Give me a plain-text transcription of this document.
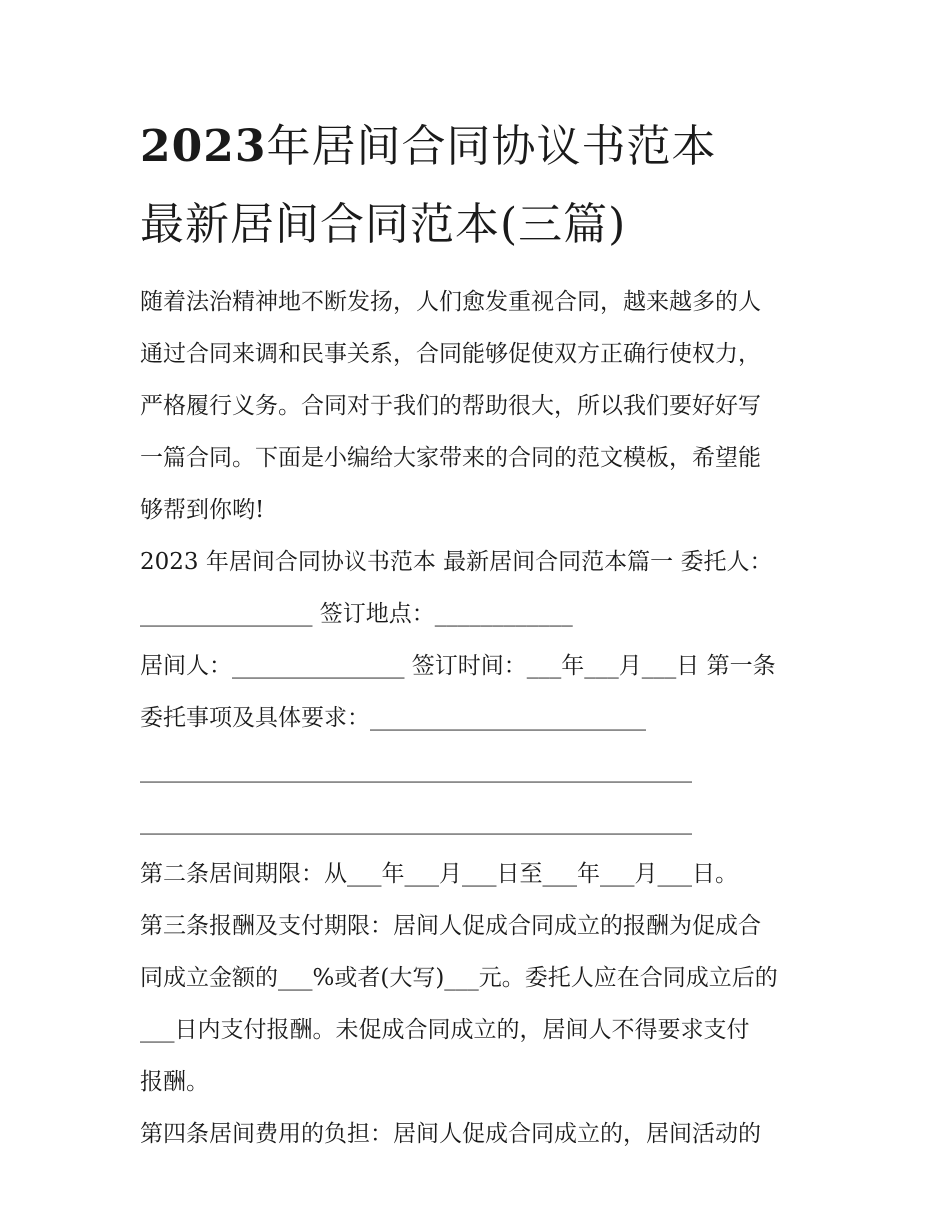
2023年居间合同协议书范本
最新居间合同范本(三篇)
随着法治精神地不断发扬，人们愈发重视合同，越来越多的人
通过合同来调和民事关系，合同能够促使双方正确行使权力，
严格履行义务。合同对于我们的帮助很大，所以我们要好好写
一篇合同。下面是小编给大家带来的合同的范文模板，希望能
够帮到你哟!
2023 年居间合同协议书范本 最新居间合同范本篇一 委托人：
_______________ 签订地点：____________
居间人：_______________ 签订时间：___年___月___日 第一条
委托事项及具体要求：________________________
________________________________________________
________________________________________________
第二条居间期限：从___年___月___日至___年___月___日。
第三条报酬及支付期限：居间人促成合同成立的报酬为促成合
同成立金额的___%或者(大写)___元。委托人应在合同成立后的
___日内支付报酬。未促成合同成立的，居间人不得要求支付
报酬。
第四条居间费用的负担：居间人促成合同成立的，居间活动的
